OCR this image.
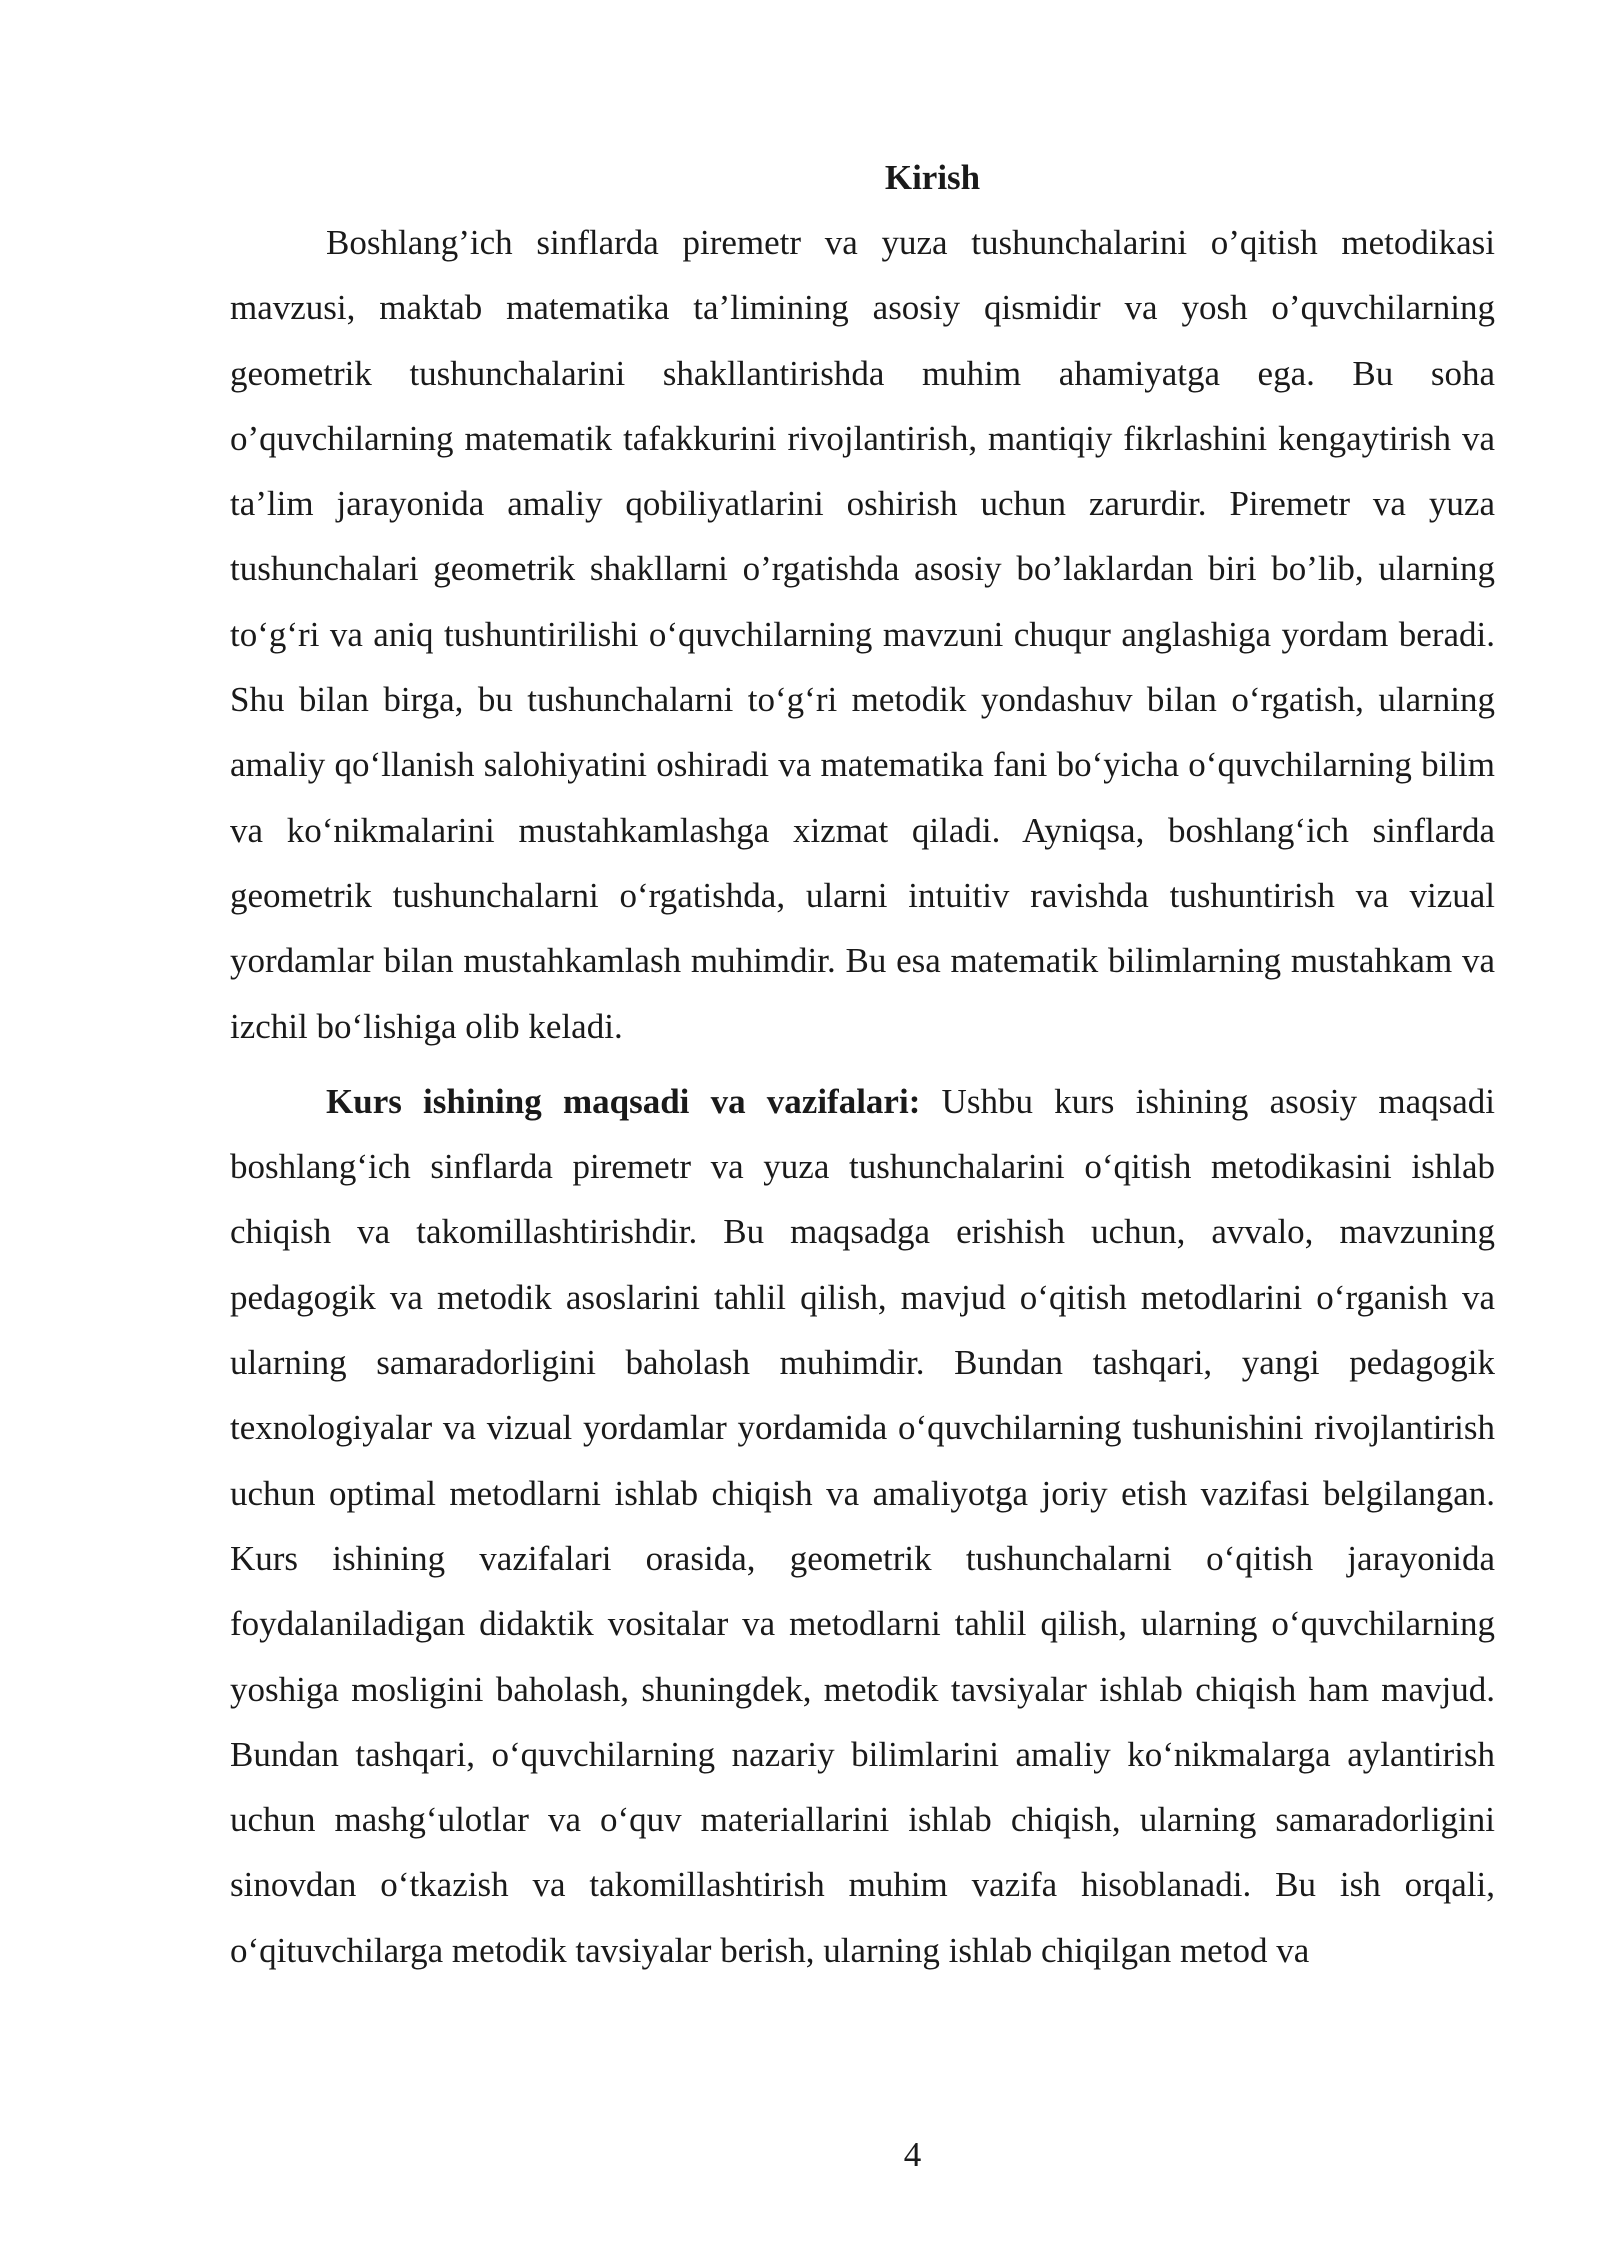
Kirish

Boshlang’ich sinflarda piremetr va yuza tushunchalarini o’qitish metodikasi mavzusi, maktab matematika ta’limining asosiy qismidir va yosh o’quvchilarning geometrik tushunchalarini shakllantirishda muhim ahamiyatga ega. Bu soha o’quvchilarning matematik tafakkurini rivojlantirish, mantiqiy fikrlashini kengaytirish va ta’lim jarayonida amaliy qobiliyatlarini oshirish uchun zarurdir. Piremetr va yuza tushunchalari geometrik shakllarni o’rgatishda asosiy bo’laklardan biri bo’lib, ularning to‘g‘ri va aniq tushuntirilishi o‘quvchilarning mavzuni chuqur anglashiga yordam beradi. Shu bilan birga, bu tushunchalarni to‘g‘ri metodik yondashuv bilan o‘rgatish, ularning amaliy qo‘llanish salohiyatini oshiradi va matematika fani bo‘yicha o‘quvchilarning bilim va ko‘nikmalarini mustahkamlashga xizmat qiladi. Ayniqsa, boshlang‘ich sinflarda geometrik tushunchalarni o‘rgatishda, ularni intuitiv ravishda tushuntirish va vizual yordamlar bilan mustahkamlash muhimdir. Bu esa matematik bilimlarning mustahkam va izchil bo‘lishiga olib keladi.

Kurs ishining maqsadi va vazifalari: Ushbu kurs ishining asosiy maqsadi boshlang‘ich sinflarda piremetr va yuza tushunchalarini o‘qitish metodikasini ishlab chiqish va takomillashtirishdir. Bu maqsadga erishish uchun, avvalo, mavzuning pedagogik va metodik asoslarini tahlil qilish, mavjud o‘qitish metodlarini o‘rganish va ularning samaradorligini baholash muhimdir. Bundan tashqari, yangi pedagogik texnologiyalar va vizual yordamlar yordamida o‘quvchilarning tushunishini rivojlantirish uchun optimal metodlarni ishlab chiqish va amaliyotga joriy etish vazifasi belgilangan. Kurs ishining vazifalari orasida, geometrik tushunchalarni o‘qitish jarayonida foydalaniladigan didaktik vositalar va metodlarni tahlil qilish, ularning o‘quvchilarning yoshiga mosligini baholash, shuningdek, metodik tavsiyalar ishlab chiqish ham mavjud. Bundan tashqari, o‘quvchilarning nazariy bilimlarini amaliy ko‘nikmalarga aylantirish uchun mashg‘ulotlar va o‘quv materiallarini ishlab chiqish, ularning samaradorligini sinovdan o‘tkazish va takomillashtirish muhim vazifa hisoblanadi. Bu ish orqali, o‘qituvchilarga metodik tavsiyalar berish, ularning ishlab chiqilgan metod va

4
